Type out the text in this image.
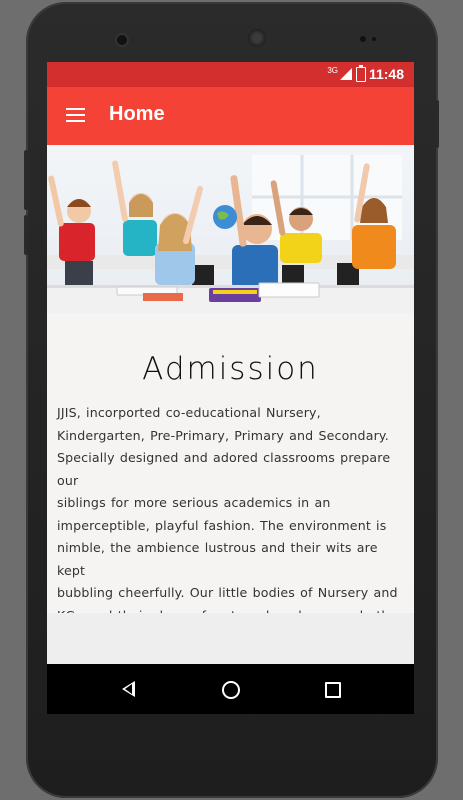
3G 11:48
Home
Admission
JJIS, incorported co-educational Nursery,
Kindergarten, Pre-Primary, Primary and Secondary.
Specially designed and adored classrooms prepare our
siblings for more serious academics in an
imperceptible, playful fashion. The environment is
nimble, the ambience lustrous and their wits are kept
bubbling cheerfully. Our little bodies of Nursery and
